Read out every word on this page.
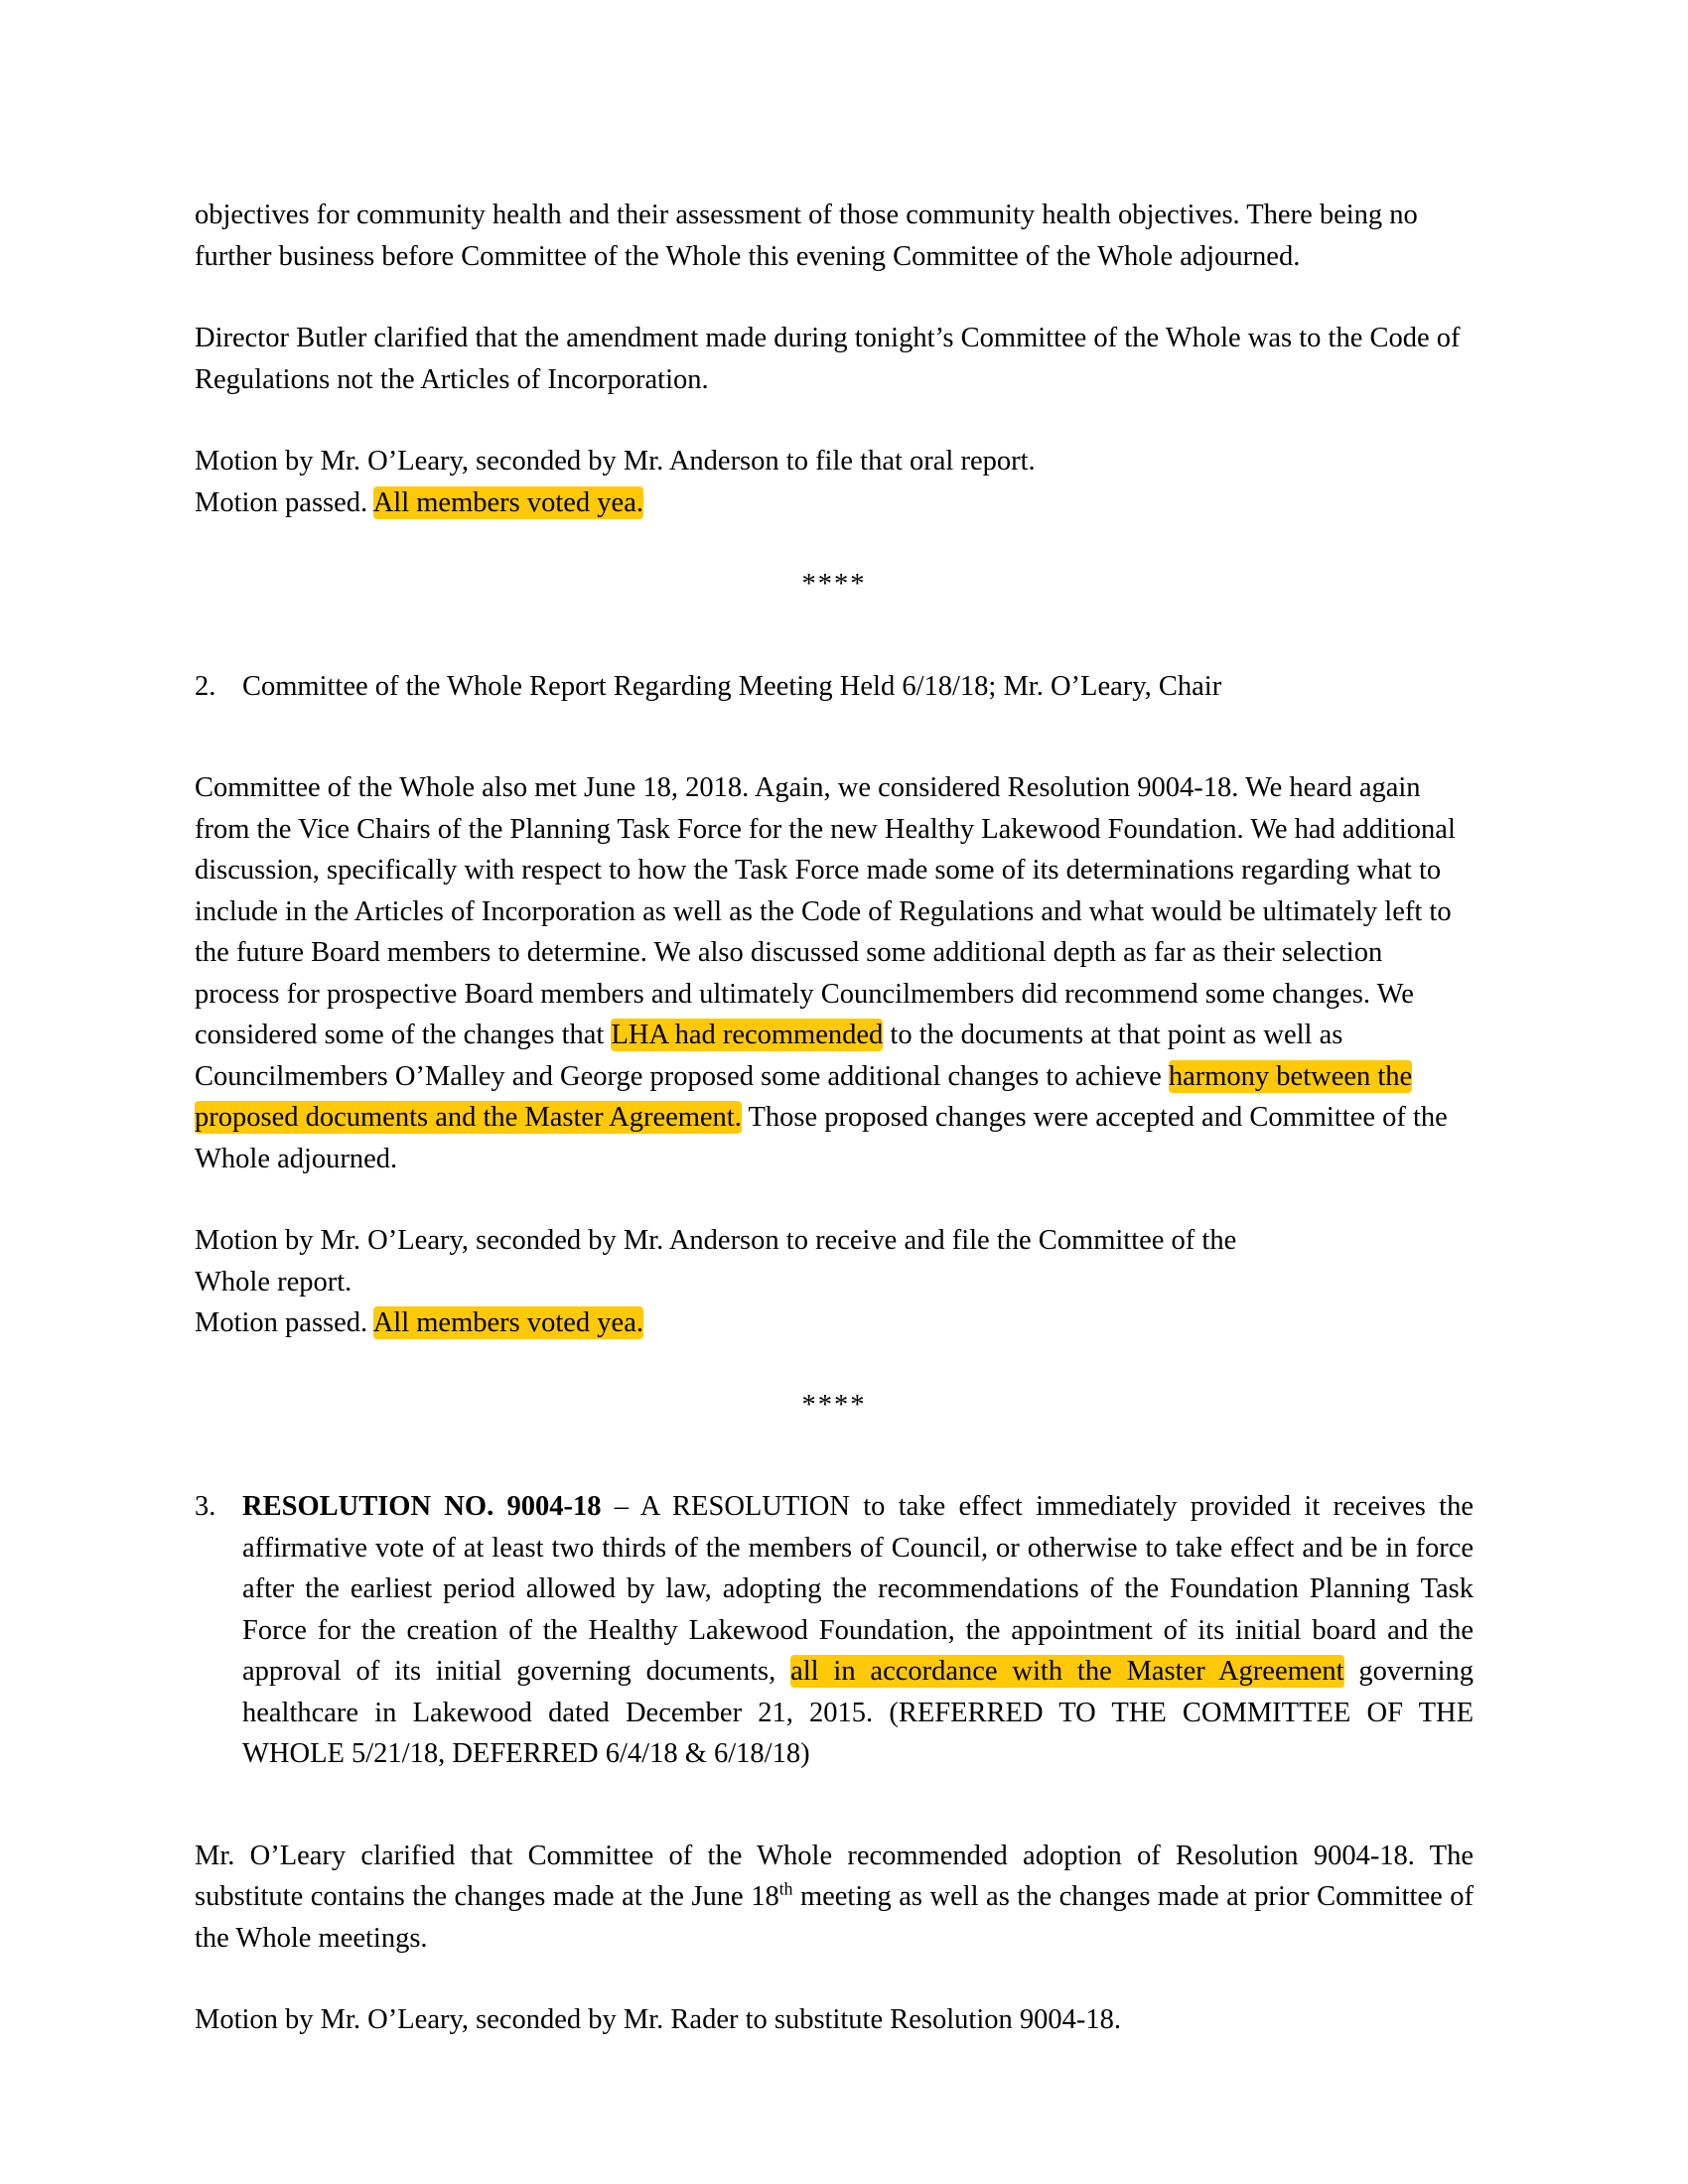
objectives for community health and their assessment of those community health objectives. There being no further business before Committee of the Whole this evening Committee of the Whole adjourned.

Director Butler clarified that the amendment made during tonight’s Committee of the Whole was to the Code of Regulations not the Articles of Incorporation.

Motion by Mr. O’Leary, seconded by Mr. Anderson to file that oral report.

Motion passed. All members voted yea.

****
2. Committee of the Whole Report Regarding Meeting Held 6/18/18; Mr. O’Leary, Chair

Committee of the Whole also met June 18, 2018. Again, we considered Resolution 9004-18. We heard again from the Vice Chairs of the Planning Task Force for the new Healthy Lakewood Foundation. We had additional discussion, specifically with respect to how the Task Force made some of its determinations regarding what to include in the Articles of Incorporation as well as the Code of Regulations and what would be ultimately left to the future Board members to determine. We also discussed some additional depth as far as their selection process for prospective Board members and ultimately Councilmembers did recommend some changes. We considered some of the changes that LHA had recommended to the documents at that point as well as Councilmembers O’Malley and George proposed some additional changes to achieve harmony between the proposed documents and the Master Agreement. Those proposed changes were accepted and Committee of the Whole adjourned.

Motion by Mr. O’Leary, seconded by Mr. Anderson to receive and file the Committee of the

Whole report.

Motion passed. All members voted yea.

****
3. RESOLUTION NO. 9004-18 – A RESOLUTION to take effect immediately provided it receives the affirmative vote of at least two thirds of the members of Council, or otherwise to take effect and be in force after the earliest period allowed by law, adopting the recommendations of the Foundation Planning Task Force for the creation of the Healthy Lakewood Foundation, the appointment of its initial board and the approval of its initial governing documents, all in accordance with the Master Agreement governing healthcare in Lakewood dated December 21, 2015. (REFERRED TO THE COMMITTEE OF THE WHOLE 5/21/18, DEFERRED 6/4/18 & 6/18/18)

Mr. O’Leary clarified that Committee of the Whole recommended adoption of Resolution 9004-18. The substitute contains the changes made at the June 18th meeting as well as the changes made at prior Committee of the Whole meetings.

Motion by Mr. O’Leary, seconded by Mr. Rader to substitute Resolution 9004-18.
